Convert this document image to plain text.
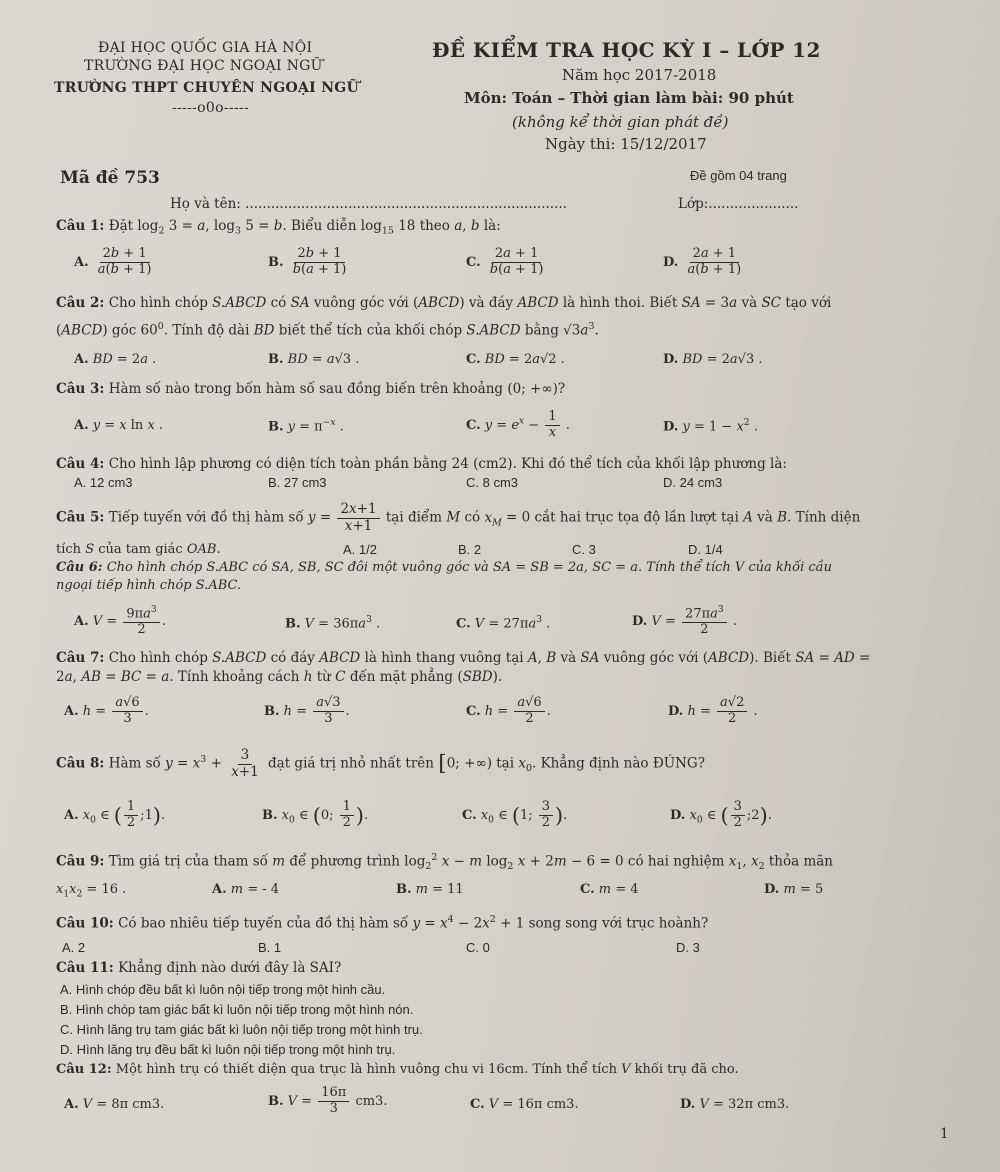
ĐẠI HỌC QUỐC GIA HÀ NỘI
TRƯỜNG ĐẠI HỌC NGOẠI NGỮ
TRƯỜNG THPT CHUYÊN NGOẠI NGỮ
-----o0o-----
ĐỀ KIỂM TRA HỌC KỲ I – LỚP 12
Năm học 2017-2018
Môn: Toán – Thời gian làm bài: 90 phút
(không kể thời gian phát đề)
Ngày thi: 15/12/2017
Mã đề 753	Đề gồm 04 trang
Họ và tên: ...........................................................................	Lớp:.....................
Câu 1: Đặt $\log_2 3 = a$, $\log_3 5 = b$. Biểu diễn $\log_{15} 18$ theo a, b là:
A. $\frac{2b + 1}{a(b + 1)}$	B. $\frac{2b + 1}{b(a + 1)}$	C. $\frac{2a + 1}{b(a + 1)}$	D. $\frac{2a + 1}{a(b + 1)}$
Câu 2: Cho hình chóp S.ABCD có SA vuông góc với (ABCD) và đáy ABCD là hình thoi. Biết SA = 3a và SC tạo với
(ABCD) góc $60^0$. Tính độ dài BD biết thể tích của khối chóp S.ABCD bằng $√3a^3$.
A. BD = 2a .	B. BD = a√3 .	C. BD = 2a√2 .	D. BD = 2a√3 .
Câu 3: Hàm số nào trong bốn hàm số sau đồng biến trên khoảng (0; +∞)?
A. y = x ln x .	B. $y = \pi^{-x}$ .	C. $y = e^x - \frac{1}{x}$ .	D. $y = 1 - x^2$ .
Câu 4: Cho hình lập phương có diện tích toàn phần bằng 24 (cm2). Khi đó thể tích của khối lập phương là:
A. 12 cm3	B. 27 cm3	C. 8 cm3	D. 24 cm3
Câu 5: Tiếp tuyến với đồ thị hàm số $y = \frac{2x+1}{x+1}$ tại điểm M có $x_M = 0$ cắt hai trục tọa độ lần lượt tại A và B. Tính diện
tích S của tam giác OAB.	A. 1/2	B. 2	C. 3	D. 1/4
Câu 6: Cho hình chóp S.ABC có SA, SB, SC đôi một vuông góc và SA = SB = 2a, SC = a. Tính thể tích V của khối cầu
ngoại tiếp hình chóp S.ABC.
A. $V = \frac{9\pi a^3}{2}$ .	B. $V = 36\pi a^3$ .	C. $V = 27\pi a^3$ .	D. $V = \frac{27\pi a^3}{2}$ .
Câu 7: Cho hình chóp S.ABCD có đáy ABCD là hình thang vuông tại A, B và SA vuông góc với (ABCD). Biết SA = AD =
2a, AB = BC = a. Tính khoảng cách h từ C đến mặt phẳng (SBD).
A. $h = \frac{a√6}{3}$ .	B. $h = \frac{a√3}{3}$ .	C. $h = \frac{a√6}{2}$ .	D. $h = \frac{a√2}{2}$ .
Câu 8: Hàm số $y = x^3 + \frac{3}{x+1}$ đạt giá trị nhỏ nhất trên [0; +∞) tại $x_0$. Khẳng định nào ĐÚNG?
A. $x_0$ ∈ ( $\frac{1}{2}$ ;1).	B. $x_0$ ∈ (0; $\frac{1}{2}$ ).	C. $x_0$ ∈ (1; $\frac{3}{2}$ ).	D. $x_0$ ∈ ( $\frac{3}{2}$ ;2).
Câu 9: Tìm giá trị của tham số m để phương trình $\log_2^2 x - m$ $\log_2 x + 2m - 6 = 0$ có hai nghiệm $x_1$, $x_2$ thỏa mãn
$x_1x_2 = 16$ .	A. m = - 4	B. m = 11	C. m = 4	D. m = 5
Câu 10: Có bao nhiêu tiếp tuyến của đồ thị hàm số $y = x^4 - 2x^2 + 1$ song song với trục hoành?
A. 2	B. 1	C. 0	D. 3
Câu 11: Khẳng định nào dưới đây là SAI?
A. Hình chóp đều bất kì luôn nội tiếp trong một hình cầu.
B. Hình chóp tam giác bất kì luôn nội tiếp trong một hình nón.
C. Hình lăng trụ tam giác bất kì luôn nội tiếp trong một hình trụ.
D. Hình lăng trụ đều bất kì luôn nội tiếp trong một hình trụ.
Câu 12: Một hình trụ có thiết diện qua trục là hình vuông chu vi 16cm. Tính thể tích V khối trụ đã cho.
A. V = 8π cm3.	B. $V = \frac{16\pi}{3} cm3$.	C. V = 16π cm3.	D. V = 32π cm3.
1
